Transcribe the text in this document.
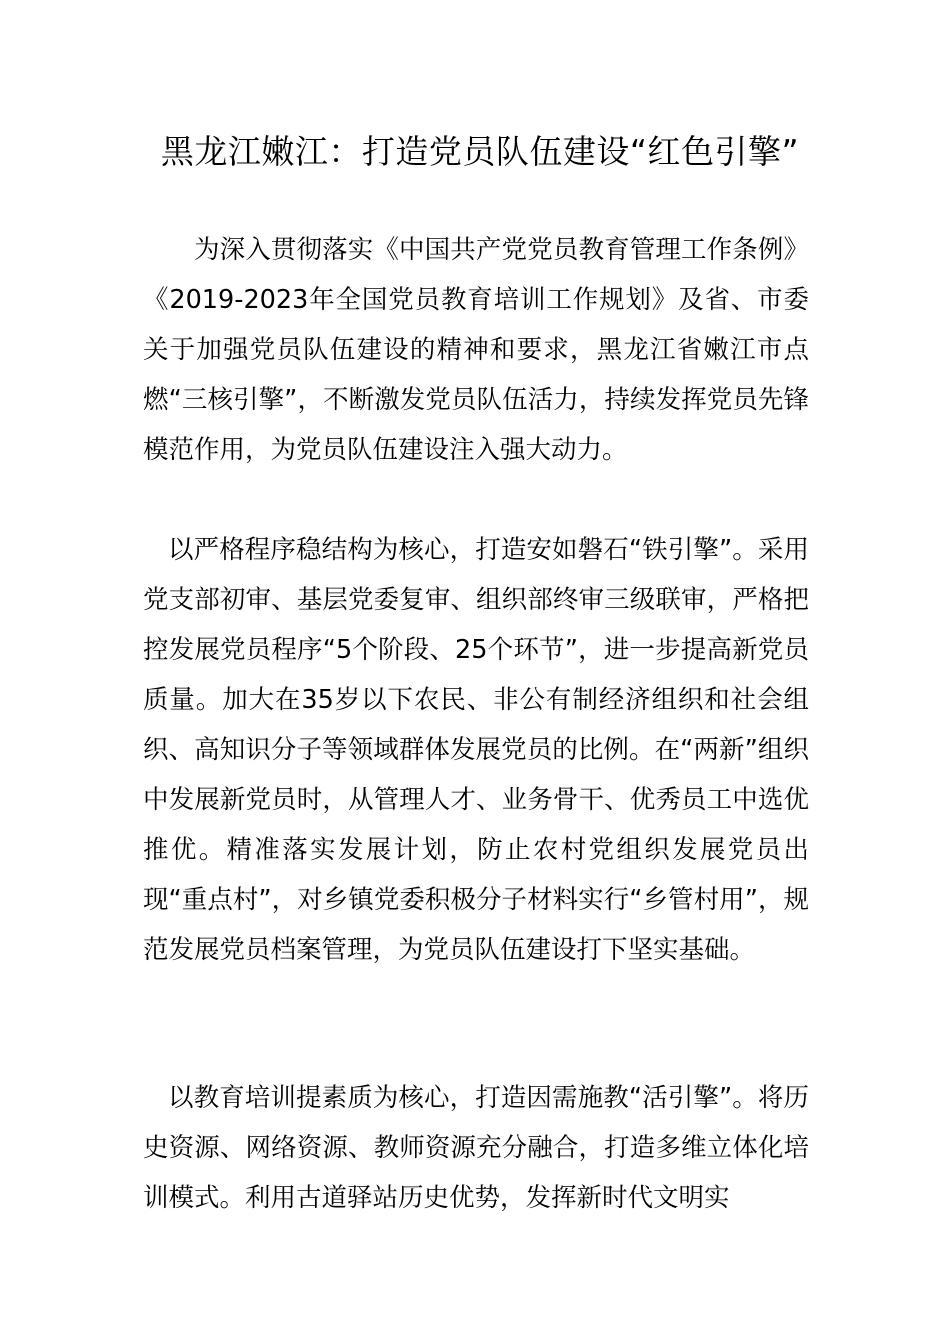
黑龙江嫩江：打造党员队伍建设“红色引擎”

为深入贯彻落实《中国共产党党员教育管理工作条例》《2019-2023年全国党员教育培训工作规划》及省、市委关于加强党员队伍建设的精神和要求，黑龙江省嫩江市点燃“三核引擎”，不断激发党员队伍活力，持续发挥党员先锋模范作用，为党员队伍建设注入强大动力。

以严格程序稳结构为核心，打造安如磐石“铁引擎”。采用党支部初审、基层党委复审、组织部终审三级联审，严格把控发展党员程序“5个阶段、25个环节”，进一步提高新党员质量。加大在35岁以下农民、非公有制经济组织和社会组织、高知识分子等领域群体发展党员的比例。在“两新”组织中发展新党员时，从管理人才、业务骨干、优秀员工中选优推优。精准落实发展计划，防止农村党组织发展党员出现“重点村”，对乡镇党委积极分子材料实行“乡管村用”，规范发展党员档案管理，为党员队伍建设打下坚实基础。

以教育培训提素质为核心，打造因需施教“活引擎”。将历史资源、网络资源、教师资源充分融合，打造多维立体化培训模式。利用古道驿站历史优势，发挥新时代文明实
